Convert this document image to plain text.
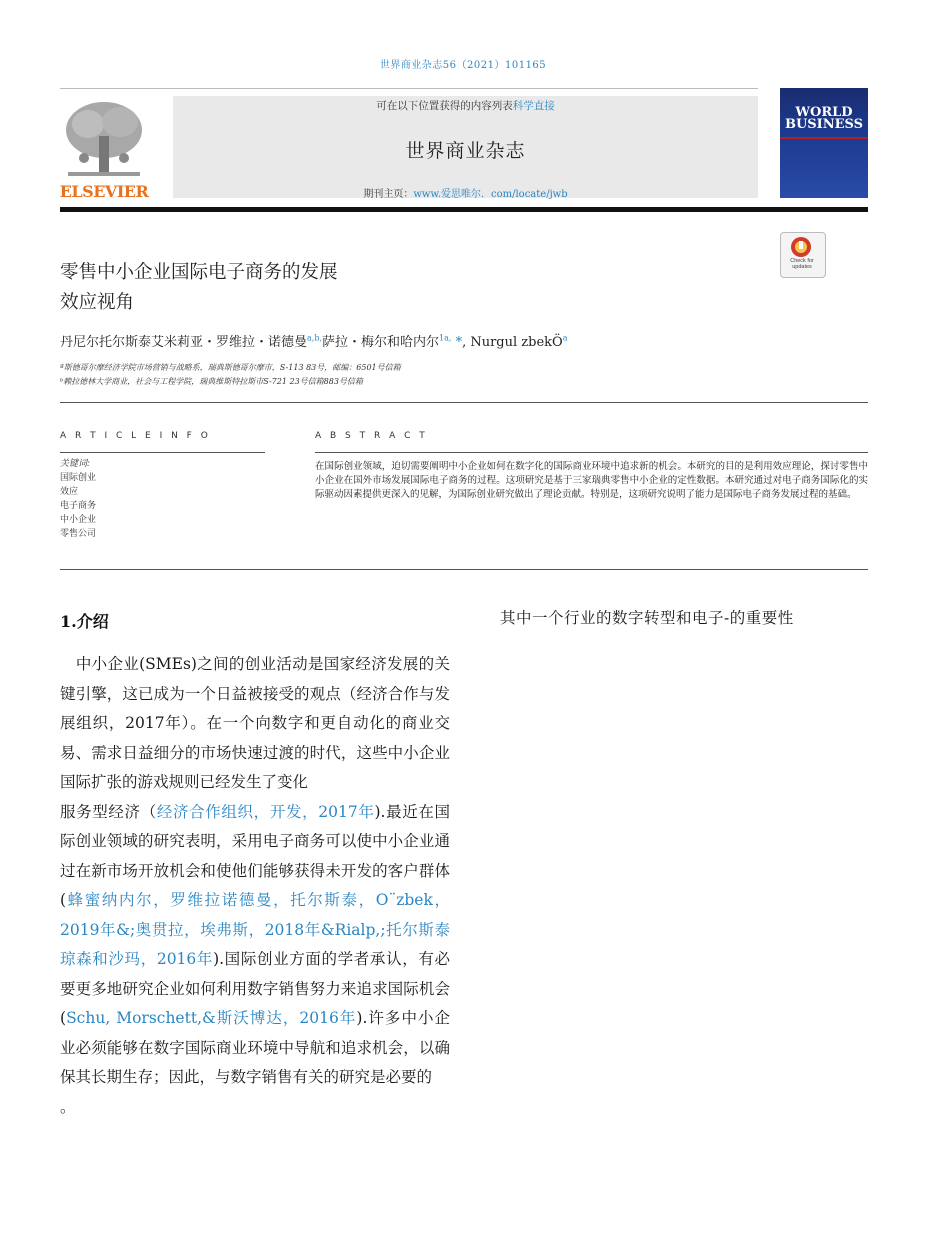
世界商业杂志56（2021）101165
ELSEVIER
可在以下位置获得的内容列表科学直接
世界商业杂志
期刊主页：www.爱思唯尔．com/locate/jwb
WORLD BUSINESS
零售中小企业国际电子商务的发展
效应视角
Check for updates
丹尼尔托尔斯泰艾米莉亚・罗维拉・诺德曼$^{a,b,}$萨拉・梅尔和哈内尔$^{1a,}$ *, Nurgul zbekÖ$^a$
ª斯德哥尔摩经济学院市场营销与战略系，瑞典斯德哥尔摩市，S-113 83号，邮编：6501号信箱
ᵇ赖拉德林大学商业，社会与工程学院，瑞典维斯特拉斯市S-721 23号信箱883号信箱
A R T I C L E I N F O	A B S T R A C T
关键词:
国际创业
效应
电子商务
中小企业
零售公司
在国际创业领域，迫切需要阐明中小企业如何在数字化的国际商业环境中追求新的机会。本研究的目的是利用效应理论，探讨零售中小企业在国外市场发展国际电子商务的过程。这项研究是基于三家瑞典零售中小企业的定性数据。本研究通过对电子商务国际化的实际驱动因素提供更深入的见解，为国际创业研究做出了理论贡献。特别是，这项研究说明了能力是国际电子商务发展过程的基础。
1.介绍	其中一个行业的数字转型和电子-的重要性

　中小企业(SMEs)之间的创业活动是国家经济发展的关键引擎，这已成为一个日益被接受的观点（经济合作与发展组织，2017年）。在一个向数字和更自动化的商业交易、需求日益细分的市场快速过渡的时代，这些中小企业国际扩张的游戏规则已经发生了变化

服务型经济（经济合作组织，开发，2017年).最近在国际创业领域的研究表明，采用电子商务可以使中小企业通过在新市场开放机会和使他们能够获得未开发的客户群体(蜂蜜纳内尔，罗维拉诺德曼，托尔斯泰，O¨zbek，2019年&;奥贯拉，埃弗斯，2018年&Rialp,;托尔斯泰琼森和沙玛，2016年).国际创业方面的学者承认，有必要更多地研究企业如何利用数字销售努力来追求国际机会(Schu, Morschett,&斯沃博达，2016年).许多中小企业必须能够在数字国际商业环境中导航和追求机会，以确保其长期生存；因此，与数字销售有关的研究是必要的
。
